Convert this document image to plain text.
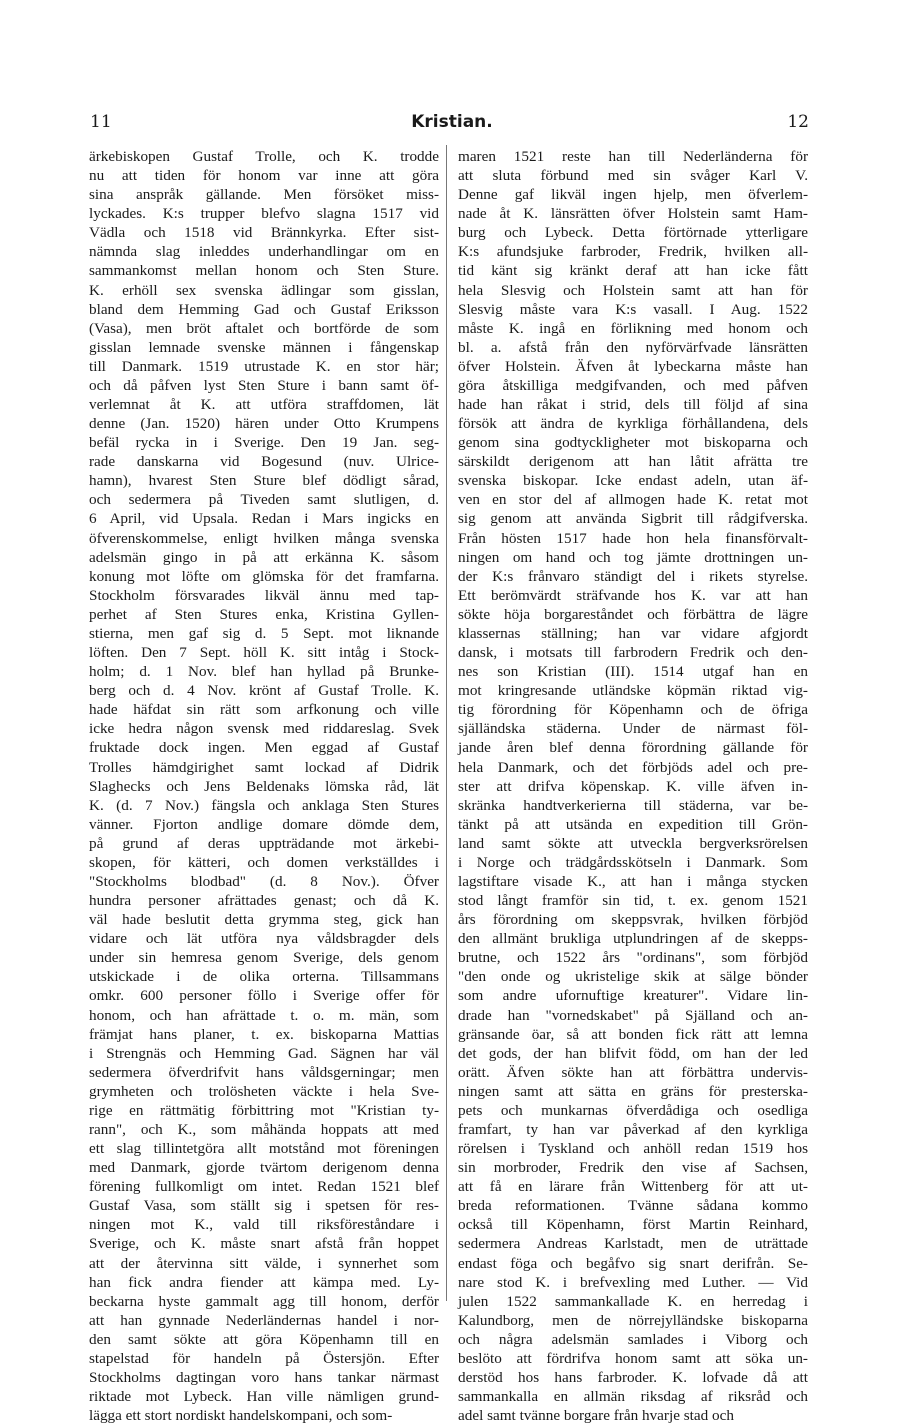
11	Kristian.	12
ärkebiskopen Gustaf Trolle, och K. trodde
nu att tiden för honom var inne att göra
sina anspråk gällande. Men försöket miss-
lyckades. K:s trupper blefvo slagna 1517 vid
Vädla och 1518 vid Brännkyrka. Efter sist-
nämnda slag inleddes underhandlingar om en
sammankomst mellan honom och Sten Sture.
K. erhöll sex svenska ädlingar som gisslan,
bland dem Hemming Gad och Gustaf Eriksson
(Vasa), men bröt aftalet och bortförde de som
gisslan lemnade svenske männen i fångenskap
till Danmark. 1519 utrustade K. en stor här;
och då påfven lyst Sten Sture i bann samt öf-
verlemnat åt K. att utföra straffdomen, lät
denne (Jan. 1520) hären under Otto Krumpens
befäl rycka in i Sverige. Den 19 Jan. seg-
rade danskarna vid Bogesund (nuv. Ulrice-
hamn), hvarest Sten Sture blef dödligt sårad,
och sedermera på Tiveden samt slutligen, d.
6 April, vid Upsala. Redan i Mars ingicks en
öfverenskommelse, enligt hvilken många svenska
adelsmän gingo in på att erkänna K. såsom
konung mot löfte om glömska för det framfarna.
Stockholm försvarades likväl ännu med tap-
perhet af Sten Stures enka, Kristina Gyllen-
stierna, men gaf sig d. 5 Sept. mot liknande
löften. Den 7 Sept. höll K. sitt intåg i Stock-
holm; d. 1 Nov. blef han hyllad på Brunke-
berg och d. 4 Nov. krönt af Gustaf Trolle. K.
hade häfdat sin rätt som arfkonung och ville
icke hedra någon svensk med riddareslag. Svek
fruktade dock ingen. Men eggad af Gustaf
Trolles hämdgirighet samt lockad af Didrik
Slaghecks och Jens Beldenaks lömska råd, lät
K. (d. 7 Nov.) fängsla och anklaga Sten Stures
vänner. Fjorton andlige domare dömde dem,
på grund af deras uppträdande mot ärkebi-
skopen, för kätteri, och domen verkställdes i
"Stockholms blodbad" (d. 8 Nov.). Öfver
hundra personer afrättades genast; och då K.
väl hade beslutit detta grymma steg, gick han
vidare och lät utföra nya våldsbragder dels
under sin hemresa genom Sverige, dels genom
utskickade i de olika orterna. Tillsammans
omkr. 600 personer föllo i Sverige offer för
honom, och han afrättade t. o. m. män, som
främjat hans planer, t. ex. biskoparna Mattias
i Strengnäs och Hemming Gad. Sägnen har väl
sedermera öfverdrifvit hans våldsgerningar; men
grymheten och trolösheten väckte i hela Sve-
rige en rättmätig förbittring mot "Kristian ty-
rann", och K., som måhända hoppats att med
ett slag tillintetgöra allt motstånd mot föreningen
med Danmark, gjorde tvärtom derigenom denna
förening fullkomligt om intet. Redan 1521 blef
Gustaf Vasa, som ställt sig i spetsen för res-
ningen mot K., vald till riksföreståndare i
Sverige, och K. måste snart afstå från hoppet
att der återvinna sitt välde, i synnerhet som
han fick andra fiender att kämpa med. Ly-
beckarna hyste gammalt agg till honom, derför
att han gynnade Nederländernas handel i nor-
den samt sökte att göra Köpenhamn till en
stapelstad för handeln på Östersjön. Efter
Stockholms dagtingan voro hans tankar närmast
riktade mot Lybeck. Han ville nämligen grund-
lägga ett stort nordiskt handelskompani, och som-
maren 1521 reste han till Nederländerna för
att sluta förbund med sin svåger Karl V.
Denne gaf likväl ingen hjelp, men öfverlem-
nade åt K. länsrätten öfver Holstein samt Ham-
burg och Lybeck. Detta förtörnade ytterligare
K:s afundsjuke farbroder, Fredrik, hvilken all-
tid känt sig kränkt deraf att han icke fått
hela Slesvig och Holstein samt att han för
Slesvig måste vara K:s vasall. I Aug. 1522
måste K. ingå en förlikning med honom och
bl. a. afstå från den nyförvärfvade länsrätten
öfver Holstein. Äfven åt lybeckarna måste han
göra åtskilliga medgifvanden, och med påfven
hade han råkat i strid, dels till följd af sina
försök att ändra de kyrkliga förhållandena, dels
genom sina godtyckligheter mot biskoparna och
särskildt derigenom att han låtit afrätta tre
svenska biskopar. Icke endast adeln, utan äf-
ven en stor del af allmogen hade K. retat mot
sig genom att använda Sigbrit till rådgifverska.
Från hösten 1517 hade hon hela finansförvalt-
ningen om hand och tog jämte drottningen un-
der K:s frånvaro ständigt del i rikets styrelse.
Ett berömvärdt sträfvande hos K. var att han
sökte höja borgareståndet och förbättra de lägre
klassernas ställning; han var vidare afgjordt
dansk, i motsats till farbrodern Fredrik och den-
nes son Kristian (III). 1514 utgaf han en
mot kringresande utländske köpmän riktad vig-
tig förordning för Köpenhamn och de öfriga
själländska städerna. Under de närmast föl-
jande åren blef denna förordning gällande för
hela Danmark, och det förbjöds adel och pre-
ster att drifva köpenskap. K. ville äfven in-
skränka handtverkerierna till städerna, var be-
tänkt på att utsända en expedition till Grön-
land samt sökte att utveckla bergverksrörelsen
i Norge och trädgårdsskötseln i Danmark. Som
lagstiftare visade K., att han i många stycken
stod långt framför sin tid, t. ex. genom 1521
års förordning om skeppsvrak, hvilken förbjöd
den allmänt brukliga utplundringen af de skepps-
brutne, och 1522 års "ordinans", som förbjöd
"den onde og ukristelige skik at sälge bönder
som andre ufornuftige kreaturer". Vidare lin-
drade han "vornedskabet" på Själland och an-
gränsande öar, så att bonden fick rätt att lemna
det gods, der han blifvit född, om han der led
orätt. Äfven sökte han att förbättra undervis-
ningen samt att sätta en gräns för presterska-
pets och munkarnas öfverdådiga och osedliga
framfart, ty han var påverkad af den kyrkliga
rörelsen i Tyskland och anhöll redan 1519 hos
sin morbroder, Fredrik den vise af Sachsen,
att få en lärare från Wittenberg för att ut-
breda reformationen. Tvänne sådana kommo
också till Köpenhamn, först Martin Reinhard,
sedermera Andreas Karlstadt, men de uträttade
endast föga och begåfvo sig snart derifrån. Se-
nare stod K. i brefvexling med Luther. — Vid
julen 1522 sammankallade K. en herredag i
Kalundborg, men de nörrejylländske biskoparna
och några adelsmän samlades i Viborg och
beslöto att fördrifva honom samt att söka un-
derstöd hos hans farbroder. K. lofvade då att
sammankalla en allmän riksdag af riksråd och
adel samt tvänne borgare från hvarje stad och
